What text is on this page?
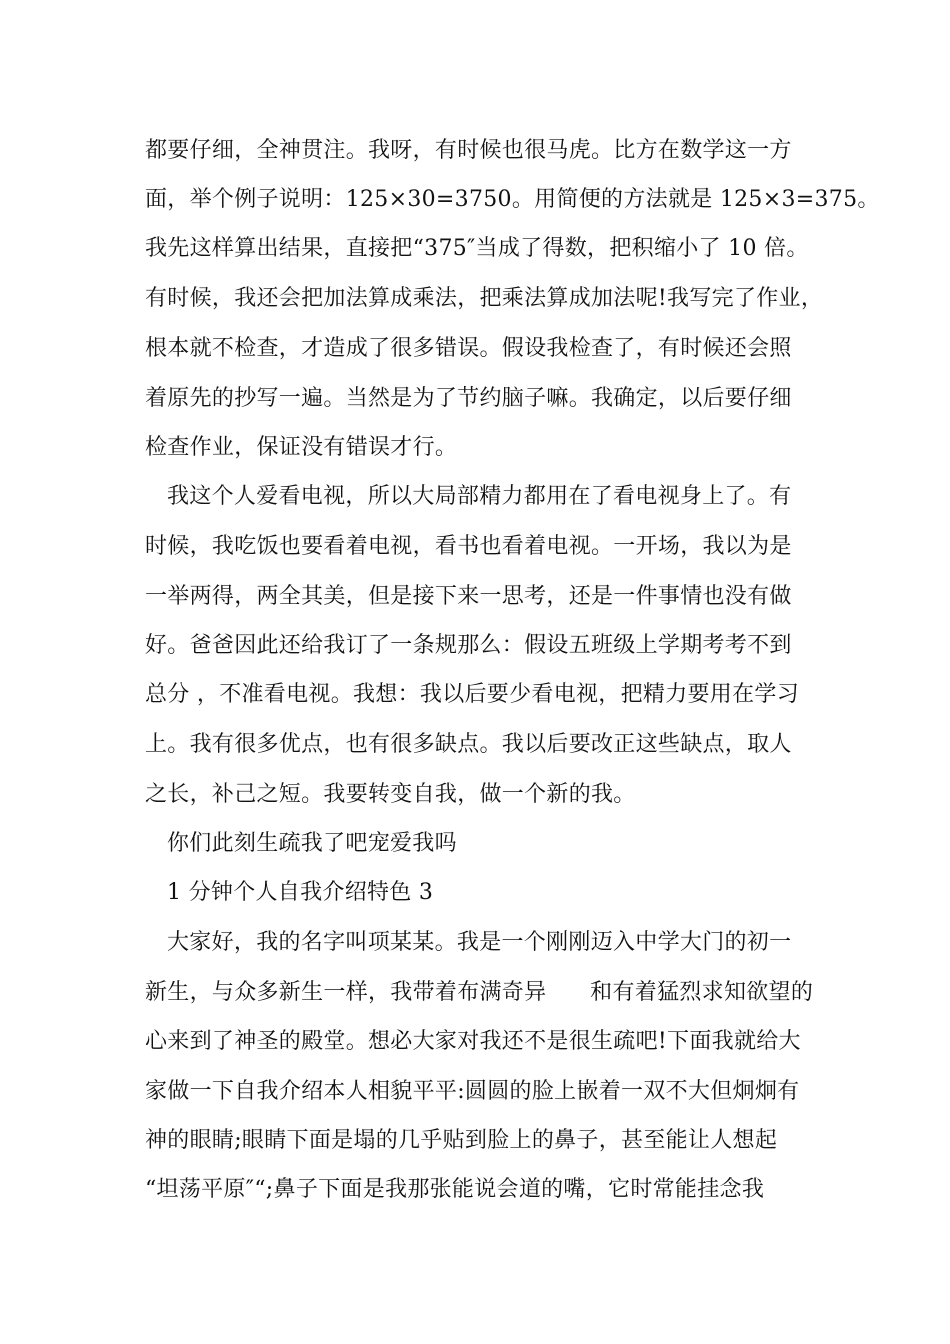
都要仔细，全神贯注。我呀，有时候也很马虎。比方在数学这一方
面，举个例子说明：125×30=3750。用简便的方法就是 125×3=375。
我先这样算出结果，直接把“375″当成了得数，把积缩小了 10 倍。
有时候，我还会把加法算成乘法，把乘法算成加法呢!我写完了作业，
根本就不检查，才造成了很多错误。假设我检查了，有时候还会照
着原先的抄写一遍。当然是为了节约脑子嘛。我确定，以后要仔细
检查作业，保证没有错误才行。
我这个人爱看电视，所以大局部精力都用在了看电视身上了。有
时候，我吃饭也要看着电视，看书也看着电视。一开场，我以为是
一举两得，两全其美，但是接下来一思考，还是一件事情也没有做
好。爸爸因此还给我订了一条规那么：假设五班级上学期考考不到
总分 ，不准看电视。我想：我以后要少看电视，把精力要用在学习
上。我有很多优点，也有很多缺点。我以后要改正这些缺点，取人
之长，补己之短。我要转变自我，做一个新的我。
你们此刻生疏我了吧宠爱我吗
1 分钟个人自我介绍特色 3
大家好，我的名字叫项某某。我是一个刚刚迈入中学大门的初一
新生，与众多新生一样，我带着布满奇异      和有着猛烈求知欲望的
心来到了神圣的殿堂。想必大家对我还不是很生疏吧!下面我就给大
家做一下自我介绍本人相貌平平:圆圆的脸上嵌着一双不大但炯炯有
神的眼睛;眼睛下面是塌的几乎贴到脸上的鼻子，甚至能让人想起
“坦荡平原″“;鼻子下面是我那张能说会道的嘴，它时常能挂念我
